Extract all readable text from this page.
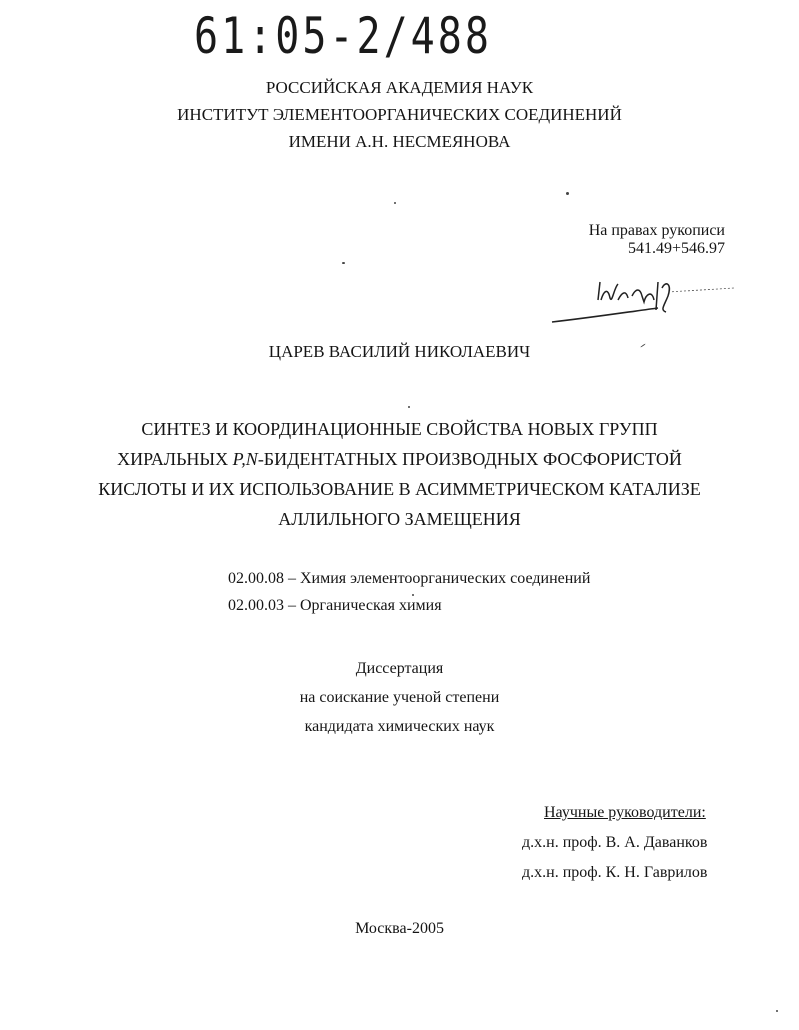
61:05-2/488
РОССИЙСКАЯ АКАДЕМИЯ НАУК
ИНСТИТУТ ЭЛЕМЕНТООРГАНИЧЕСКИХ СОЕДИНЕНИЙ
ИМЕНИ А.Н. НЕСМЕЯНОВА
На правах рукописи
541.49+546.97
ЦАРЕВ ВАСИЛИЙ НИКОЛАЕВИЧ
СИНТЕЗ И КООРДИНАЦИОННЫЕ СВОЙСТВА НОВЫХ ГРУПП
ХИРАЛЬНЫХ P,N-БИДЕНТАТНЫХ ПРОИЗВОДНЫХ ФОСФОРИСТОЙ
КИСЛОТЫ И ИХ ИСПОЛЬЗОВАНИЕ В АСИММЕТРИЧЕСКОМ КАТАЛИЗЕ
АЛЛИЛЬНОГО ЗАМЕЩЕНИЯ
02.00.08 – Химия элементоорганических соединений
02.00.03 – Органическая химия
Диссертация
на соискание ученой степени
кандидата химических наук
Научные руководители:
д.х.н. проф. В. А. Даванков
д.х.н. проф. К. Н. Гаврилов
Москва-2005
